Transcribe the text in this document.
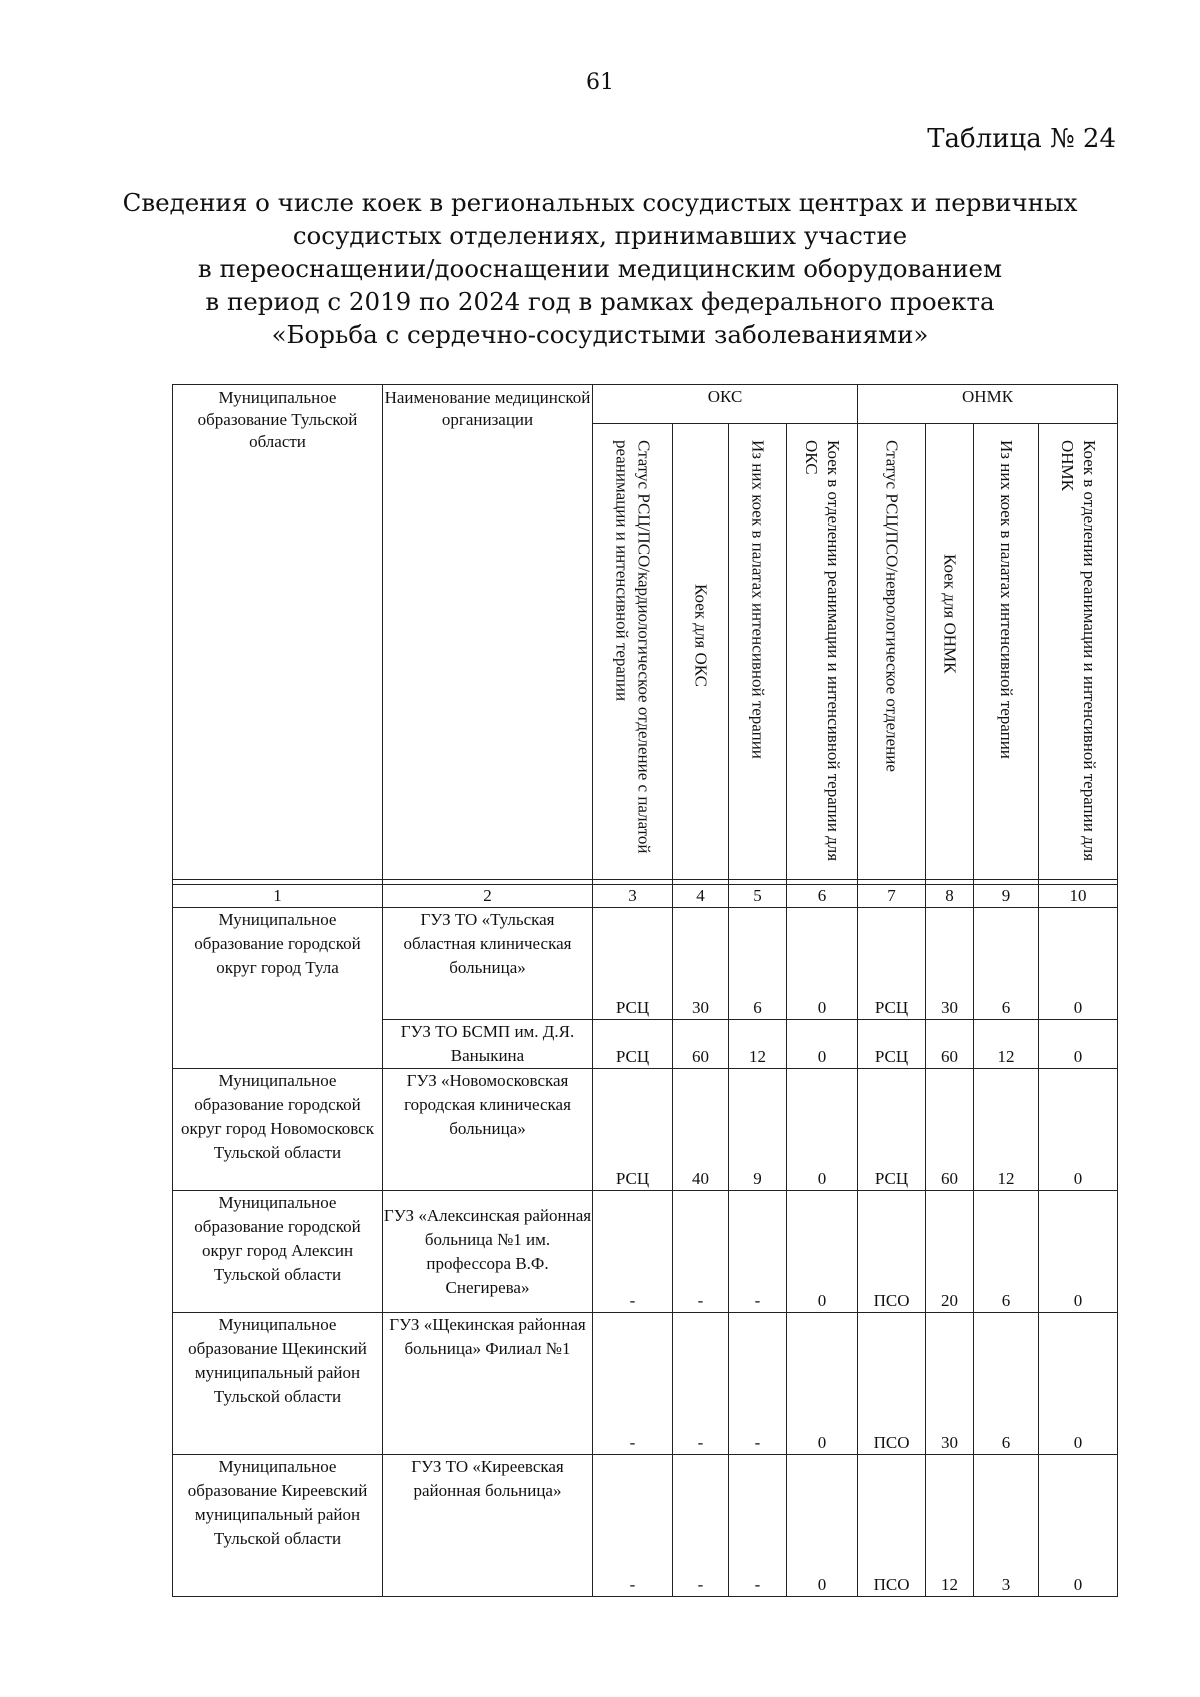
61
Таблица № 24
Сведения о числе коек в региональных сосудистых центрах и первичных
сосудистых отделениях, принимавших участие
в переоснащении/дооснащении медицинским оборудованием
в период с 2019 по 2024 год в рамках федерального проекта
«Борьба с сердечно-сосудистыми заболеваниями»
Муниципальное образование Тульской области	Наименование медицинской организации	ОКС				ОНМК			

		Статус РСЦ/ПСО/кардиологическое отделение с палатой реанимации и интенсивной терапии	Коек для ОКС	Из них коек в палатах интенсивной терапии	Коек в отделении реанимации и интенсивной терапии для ОКС	Статус РСЦ/ПСО/неврологическое отделение	Коек для ОНМК	Из них коек в палатах интенсивной терапии	Коек в отделении реанимации и интенсивной терапии для ОНМК

1	2	3	4	5	6	7	8	9	10
Муниципальное образование городской округ город Тула	ГУЗ ТО «Тульская областная клиническая больница»	РСЦ	30	6	0	РСЦ	30	6	0
	ГУЗ ТО БСМП им. Д.Я. Ваныкина	РСЦ	60	12	0	РСЦ	60	12	0
Муниципальное образование городской округ город Новомосковск Тульской области	ГУЗ «Новомосковская городская клиническая больница»	РСЦ	40	9	0	РСЦ	60	12	0
Муниципальное образование городской округ город Алексин Тульской области	ГУЗ «Алексинская районная больница №1 им. профессора В.Ф. Снегирева»	-	-	-	0	ПСО	20	6	0
Муниципальное образование Щекинский муниципальный район Тульской области	ГУЗ «Щекинская районная больница» Филиал №1	-	-	-	0	ПСО	30	6	0
Муниципальное образование Киреевский муниципальный район Тульской области	ГУЗ ТО «Киреевская районная больница»	-	-	-	0	ПСО	12	3	0
